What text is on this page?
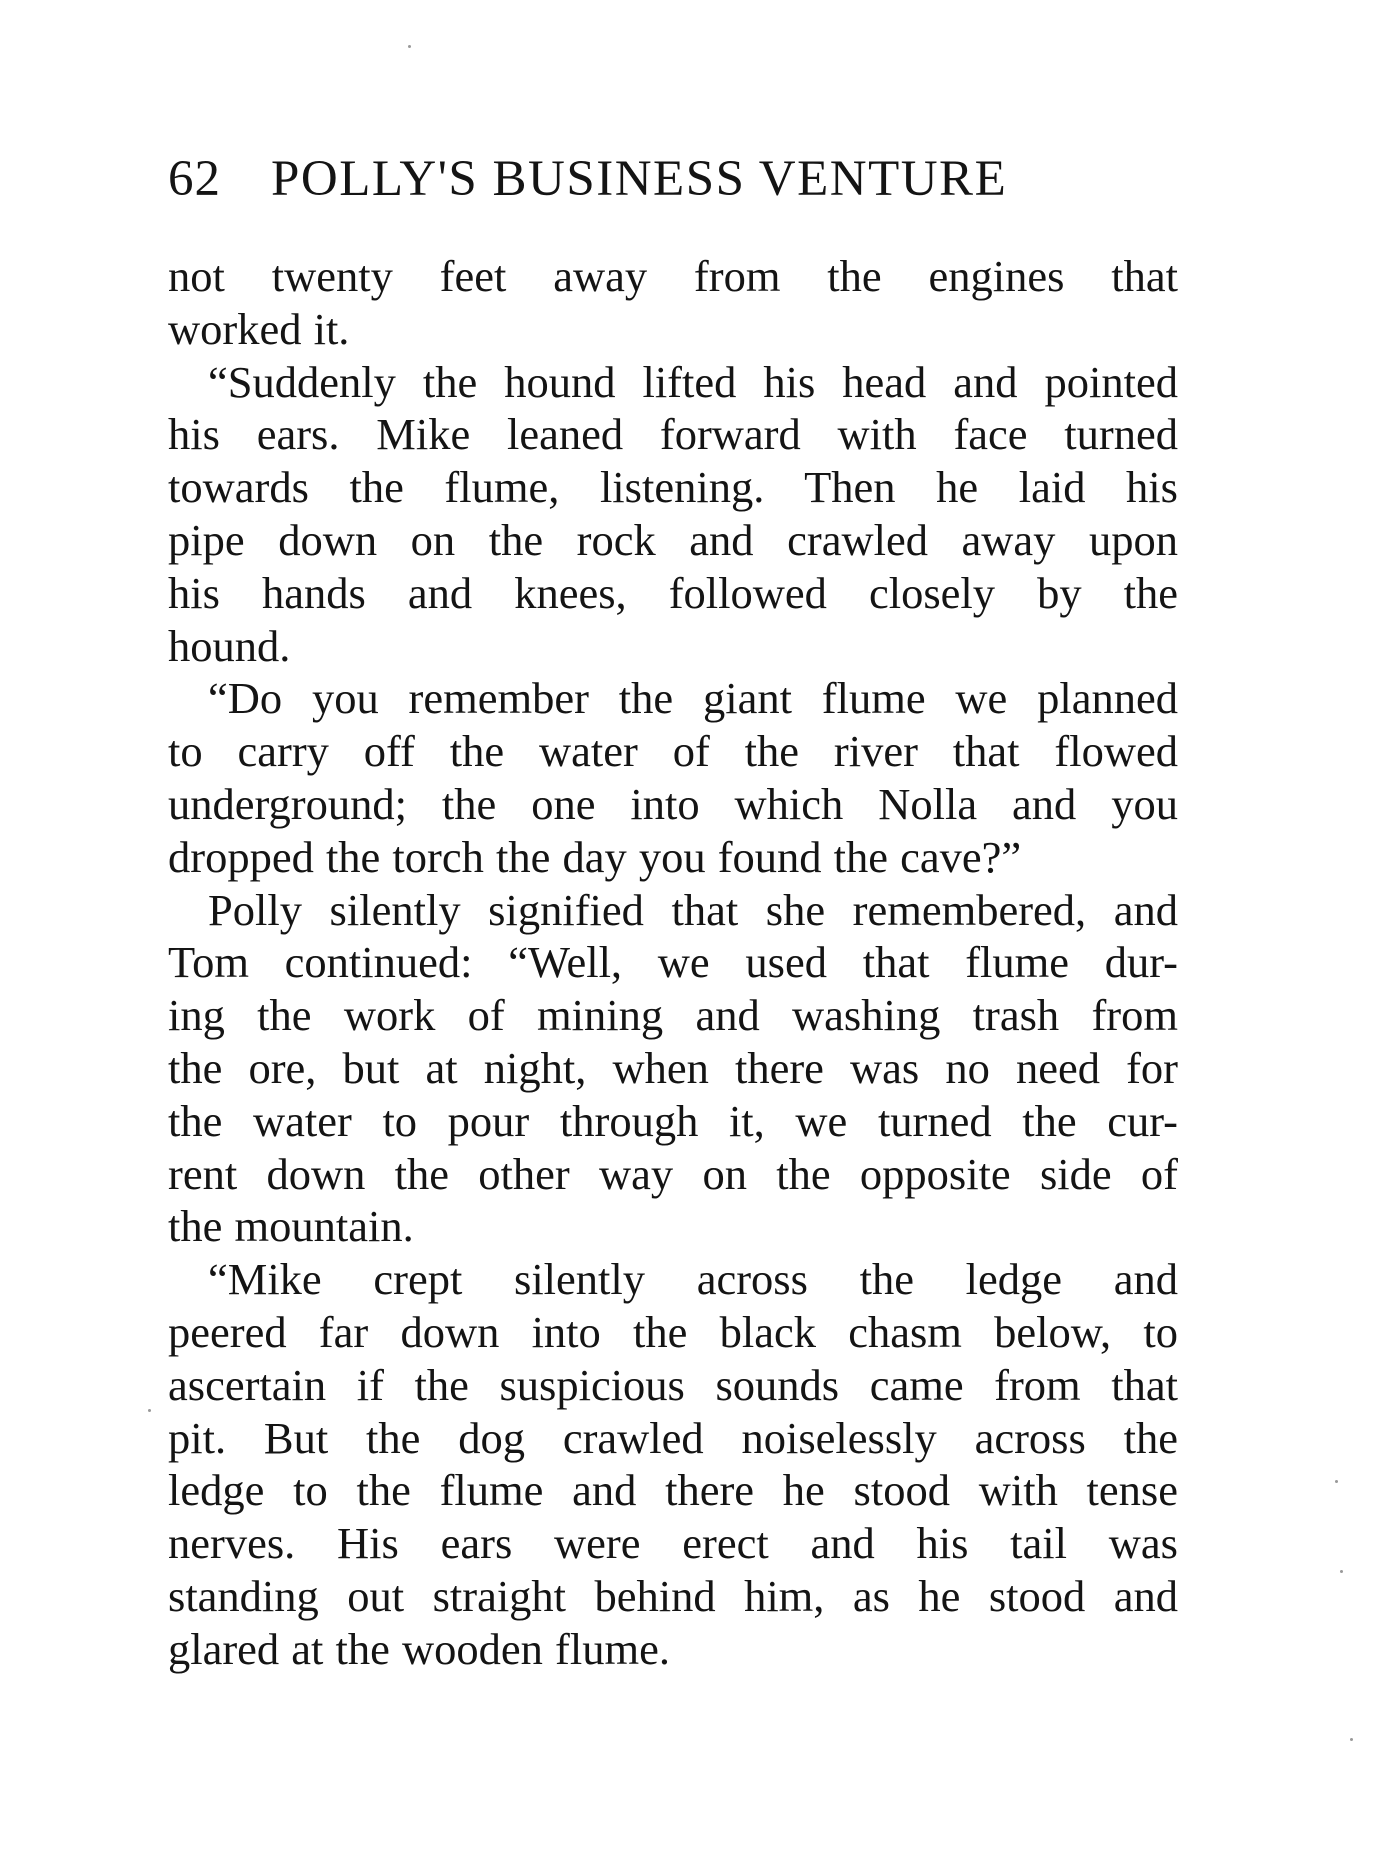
62 POLLY'S BUSINESS VENTURE

not twenty feet away from the engines that
worked it.

“Suddenly the hound lifted his head and pointed
his ears. Mike leaned forward with face turned
towards the flume, listening. Then he laid his
pipe down on the rock and crawled away upon
his hands and knees, followed closely by the
hound.

“Do you remember the giant flume we planned
to carry off the water of the river that flowed
underground; the one into which Nolla and you
dropped the torch the day you found the cave?”

Polly silently signified that she remembered, and
Tom continued: “Well, we used that flume dur-
ing the work of mining and washing trash from
the ore, but at night, when there was no need for
the water to pour through it, we turned the cur-
rent down the other way on the opposite side of
the mountain.

“Mike crept silently across the ledge and
peered far down into the black chasm below, to
ascertain if the suspicious sounds came from that
pit. But the dog crawled noiselessly across the
ledge to the flume and there he stood with tense
nerves. His ears were erect and his tail was
standing out straight behind him, as he stood and
glared at the wooden flume.
